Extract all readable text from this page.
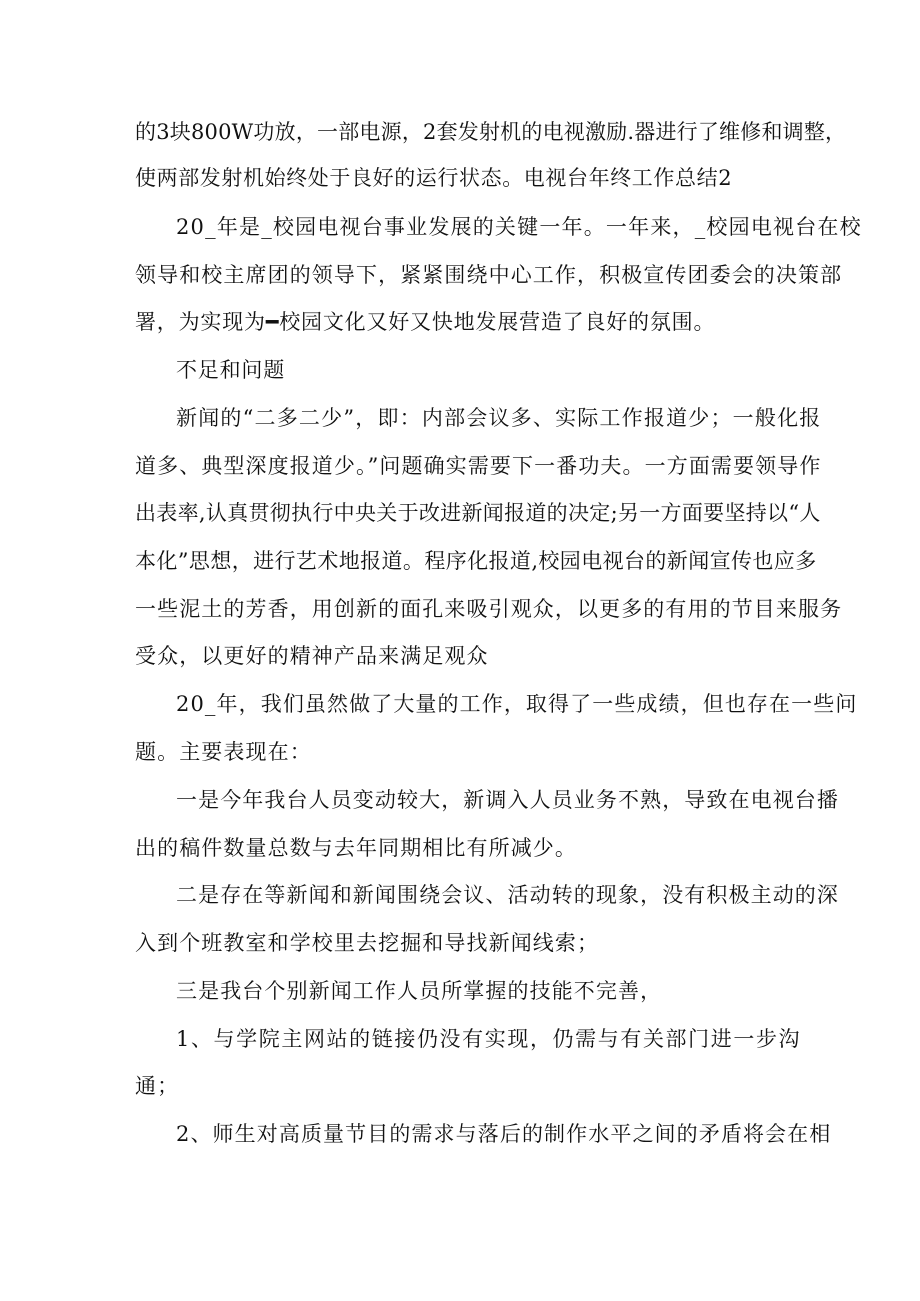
的3块800W功放，一部电源，2套发射机的电视激励.器进行了维修和调整，
使两部发射机始终处于良好的运行状态。电视台年终工作总结2
20_年是_校园电视台事业发展的关键一年。一年来，_校园电视台在校
领导和校主席团的领导下，紧紧围绕中心工作，积极宣传团委会的决策部
署，为实现为━校园文化又好又快地发展营造了良好的氛围。
不足和问题
新闻的“二多二少”，即：内部会议多、实际工作报道少；一般化报
道多、典型深度报道少。”问题确实需要下一番功夫。一方面需要领导作
出表率,认真贯彻执行中央关于改进新闻报道的决定;另一方面要坚持以“人
本化”思想，进行艺术地报道。程序化报道,校园电视台的新闻宣传也应多
一些泥土的芳香，用创新的面孔来吸引观众，以更多的有用的节目来服务
受众，以更好的精神产品来满足观众
20_年，我们虽然做了大量的工作，取得了一些成绩，但也存在一些问
题。主要表现在：
一是今年我台人员变动较大，新调入人员业务不熟，导致在电视台播
出的稿件数量总数与去年同期相比有所减少。
二是存在等新闻和新闻围绕会议、活动转的现象，没有积极主动的深
入到个班教室和学校里去挖掘和导找新闻线索；
三是我台个别新闻工作人员所掌握的技能不完善，
1、与学院主网站的链接仍没有实现，仍需与有关部门进一步沟
通；
2、师生对高质量节目的需求与落后的制作水平之间的矛盾将会在相
